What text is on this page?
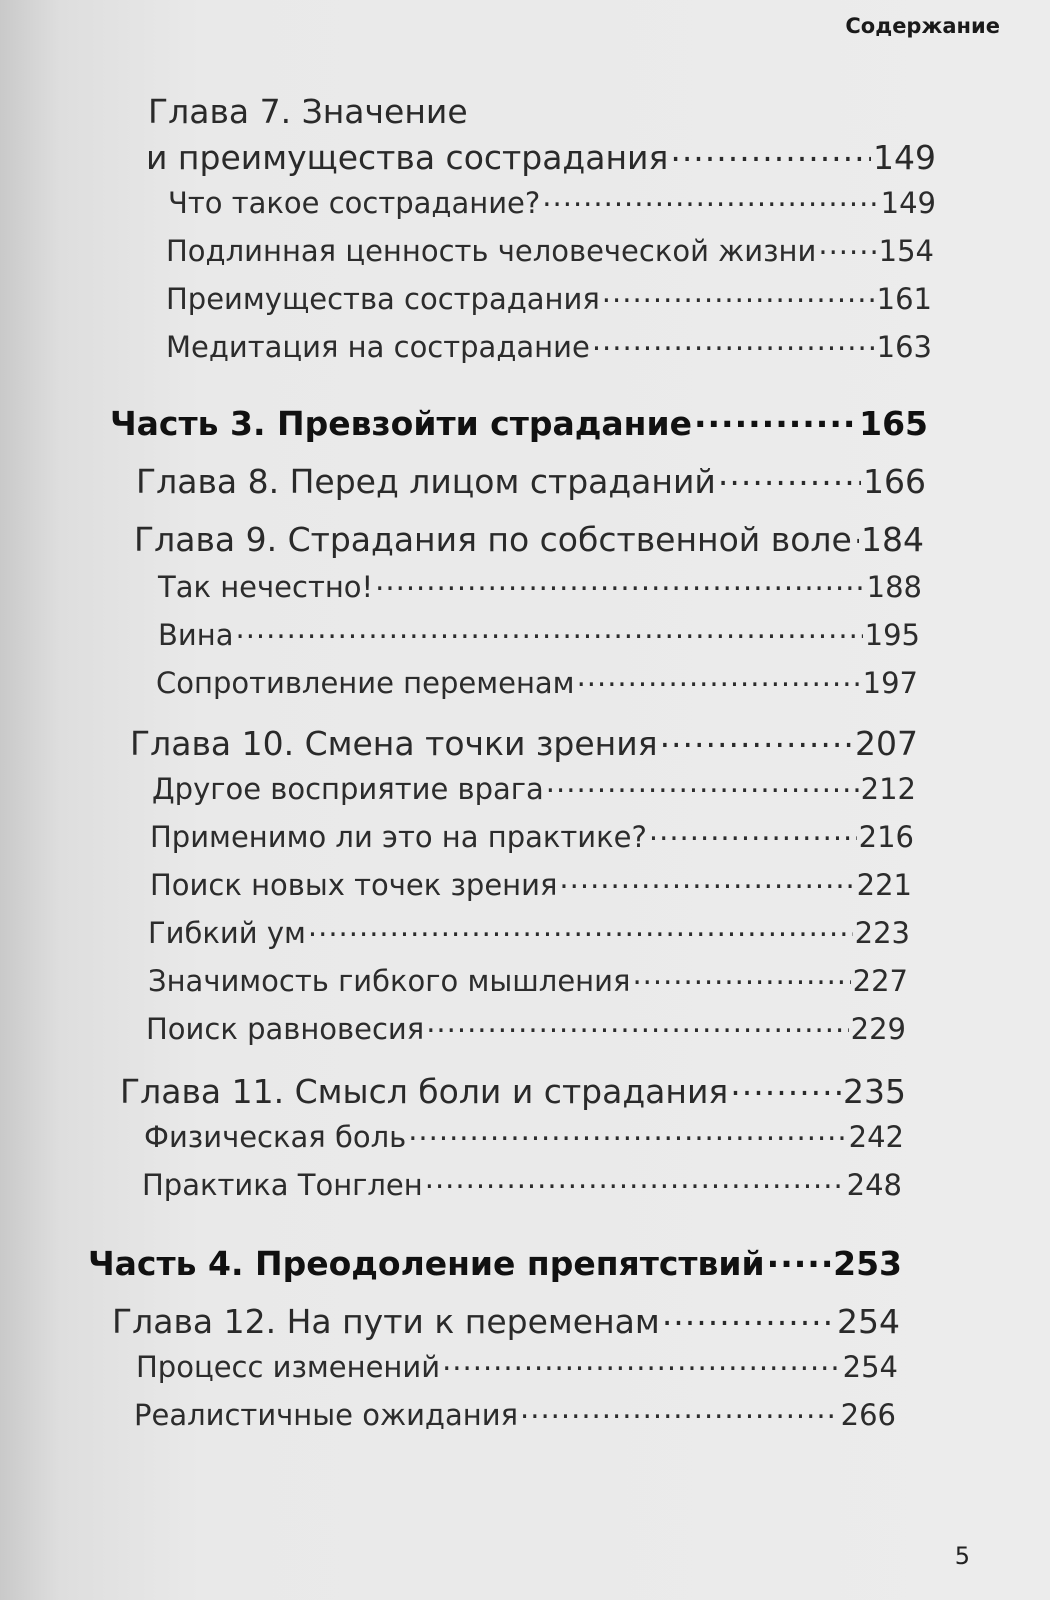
Содержание
Глава 7. Значение
и преимущества сострадания .....	149
Что такое сострадание? .....	149
Подлинная ценность человеческой жизни ..... 154
Преимущества сострадания .....	161
Медитация на сострадание .....	163
Часть 3. Превзойти страдание .....	165
Глава 8. Перед лицом страданий .....	166
Глава 9. Страдания по собственной воле ..... 184
Так нечестно! .....	188
Вина .....	195
Сопротивление переменам .....	197
Глава 10. Смена точки зрения .....	207
Другое восприятие врага .....	212
Применимо ли это на практике? .....	216
Поиск новых точек зрения .....	221
Гибкий ум .....	223
Значимость гибкого мышления .....	227
Поиск равновесия .....	229
Глава 11. Смысл боли и страдания .....	235
Физическая боль .....	242
Практика Тонглен .....	248
Часть 4. Преодоление препятствий ..... 253
Глава 12. На пути к переменам .....	254
Процесс изменений .....	254
Реалистичные ожидания .....	266
5
